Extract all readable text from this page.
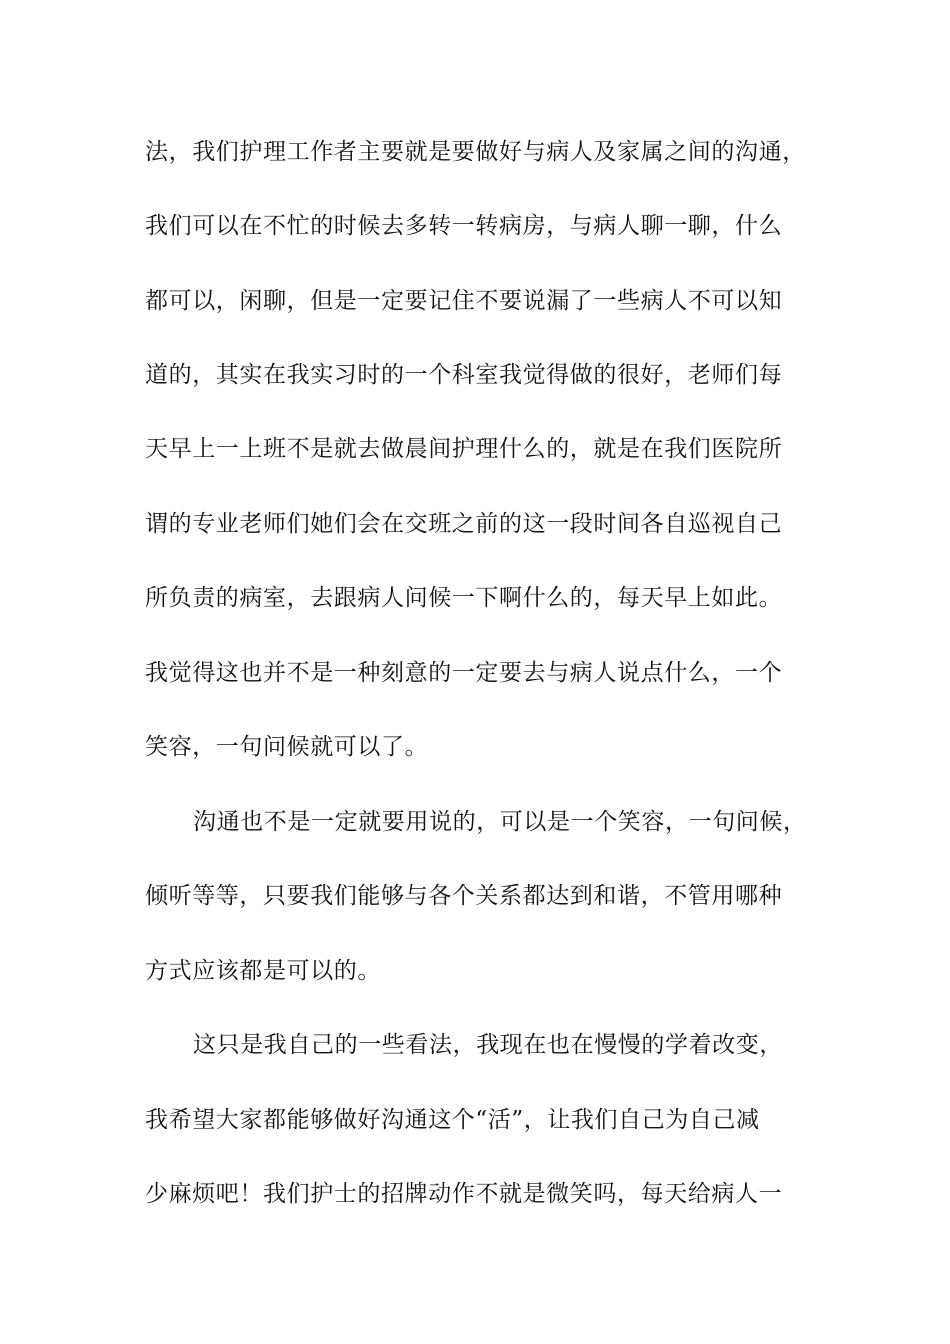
法，我们护理工作者主要就是要做好与病人及家属之间的沟通，
我们可以在不忙的时候去多转一转病房，与病人聊一聊，什么
都可以，闲聊，但是一定要记住不要说漏了一些病人不可以知
道的，其实在我实习时的一个科室我觉得做的很好，老师们每
天早上一上班不是就去做晨间护理什么的，就是在我们医院所
谓的专业老师们她们会在交班之前的这一段时间各自巡视自己
所负责的病室，去跟病人问候一下啊什么的，每天早上如此。
我觉得这也并不是一种刻意的一定要去与病人说点什么，一个
笑容，一句问候就可以了。
沟通也不是一定就要用说的，可以是一个笑容，一句问候，
倾听等等，只要我们能够与各个关系都达到和谐，不管用哪种
方式应该都是可以的。
这只是我自己的一些看法，我现在也在慢慢的学着改变，
我希望大家都能够做好沟通这个“活”，让我们自己为自己减
少麻烦吧！我们护士的招牌动作不就是微笑吗，每天给病人一
